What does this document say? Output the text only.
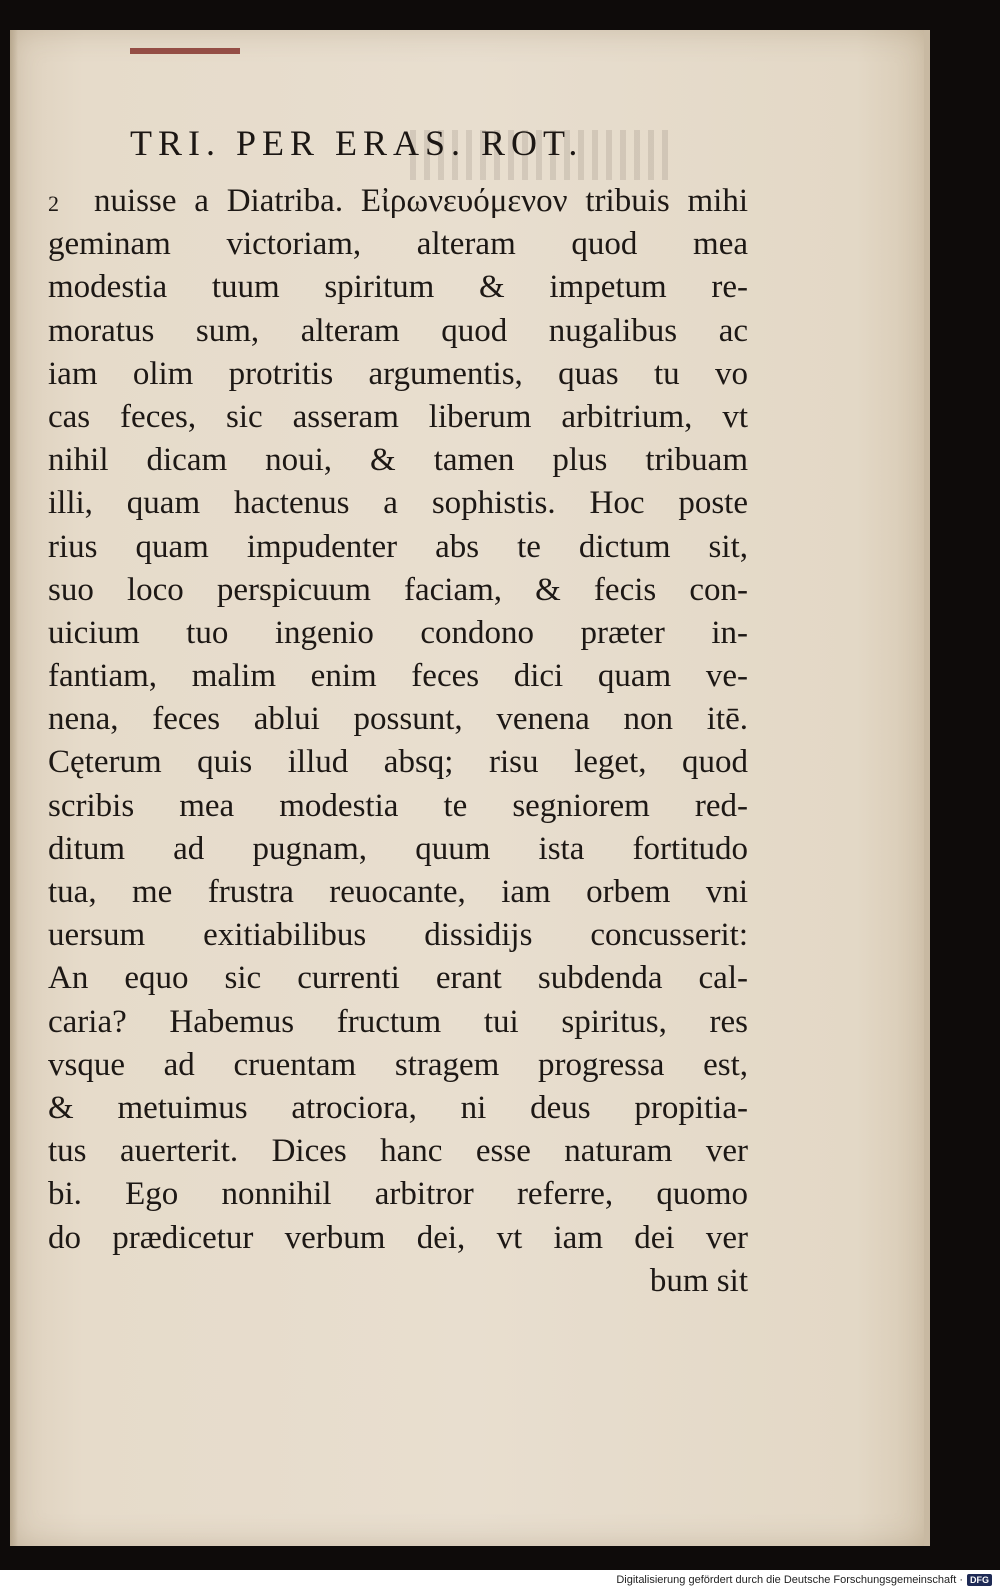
TRI. PER ERAS. ROT.
2 nuisse a Diatriba. Εἰρωνευόμενον tribuis mihi
geminam victoriam, alteram quod mea
modestia tuum spiritum & impetum re-
moratus sum, alteram quod nugalibus ac
iam olim protritis argumentis, quas tu vo
cas feces, sic asseram liberum arbitrium, vt
nihil dicam noui, & tamen plus tribuam
illi, quam hactenus a sophistis. Hoc poste
rius quam impudenter abs te dictum sit,
suo loco perspicuum faciam, & fecis con-
uicium tuo ingenio condono præter in-
fantiam, malim enim feces dici quam ve-
nena, feces ablui possunt, venena non itē.
Cęterum quis illud absq; risu leget, quod
scribis mea modestia te segniorem red-
ditum ad pugnam, quum ista fortitudo
tua, me frustra reuocante, iam orbem vni
uersum exitiabilibus dissidijs concusserit:
An equo sic currenti erant subdenda cal-
caria? Habemus fructum tui spiritus, res
vsque ad cruentam stragem progressa est,
& metuimus atrociora, ni deus propitia-
tus auerterit. Dices hanc esse naturam ver
bi. Ego nonnihil arbitror referre, quomo
do prædicetur verbum dei, vt iam dei ver
bum sit
Digitalisierung gefördert durch die Deutsche Forschungsgemeinschaft · DFG
